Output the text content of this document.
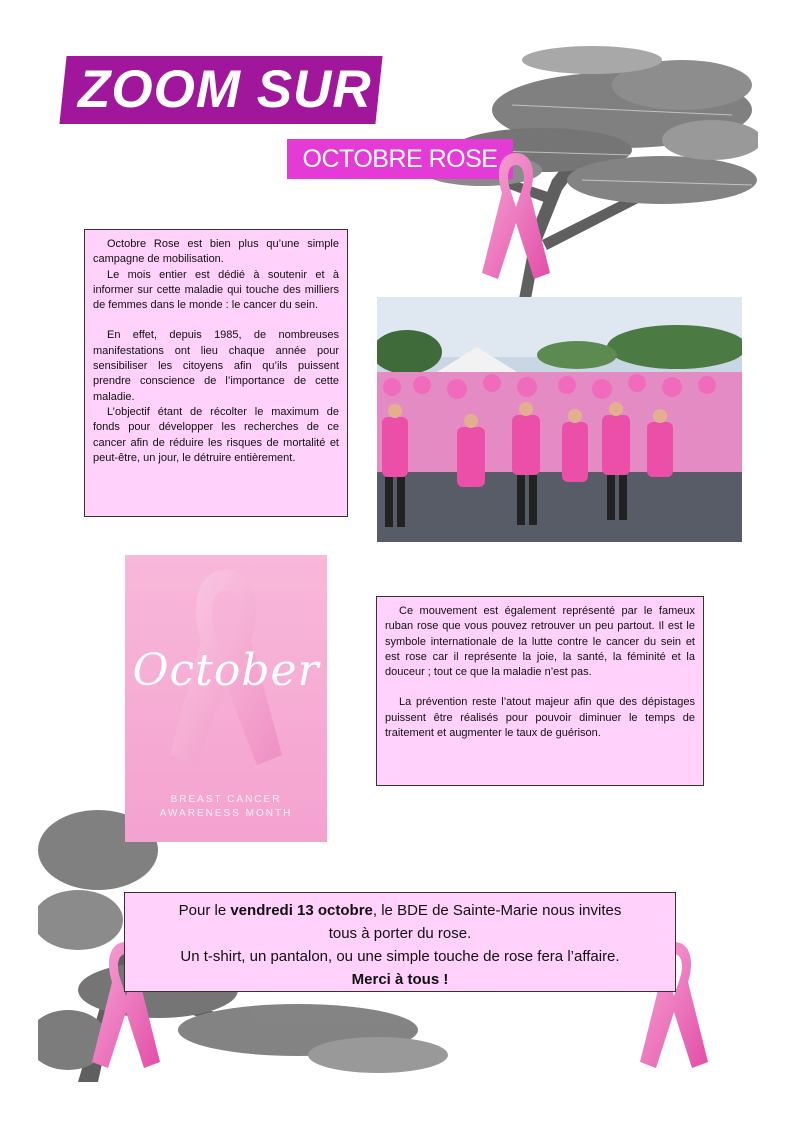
ZOOM SUR
OCTOBRE ROSE

Octobre Rose est bien plus qu’une simple campagne de mobilisation.

Le mois entier est dédié à soutenir et à informer sur cette maladie qui touche des milliers de femmes dans le monde : le cancer du sein.

En effet, depuis 1985, de nombreuses manifestations ont lieu chaque année pour sensibiliser les citoyens afin qu’ils puissent prendre conscience de l’importance de cette maladie.

L’objectif étant de récolter le maximum de fonds pour développer les recherches de ce cancer afin de réduire les risques de mortalité et peut-être, un jour, le détruire entièrement.

October
BREAST CANCER
AWARENESS MONTH

Ce mouvement est également représenté par le fameux ruban rose que vous pouvez retrouver un peu partout. Il est le symbole internationale de la lutte contre le cancer du sein et est rose car il représente la joie, la santé, la féminité et la douceur ; tout ce que la maladie n’est pas.

La prévention reste l’atout majeur afin que des dépistages puissent être réalisés pour pouvoir diminuer le temps de traitement et augmenter le taux de guérison.

Pour le vendredi 13 octobre, le BDE de Sainte-Marie nous invites
tous à porter du rose.
Un t-shirt, un pantalon, ou une simple touche de rose fera l’affaire.
Merci à tous !
